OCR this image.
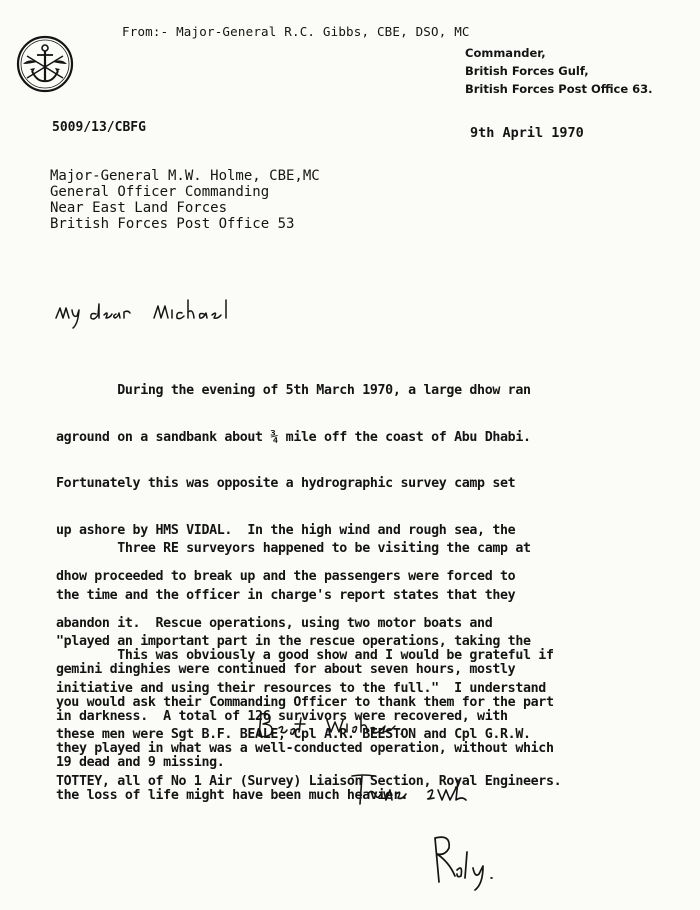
From:- Major-General R.C. Gibbs, CBE, DSO, MC
Commander,
British Forces Gulf,
British Forces Post Office 63.
5009/13/CBFG	9th April 1970
Major-General M.W. Holme, CBE,MC
General Officer Commanding
Near East Land Forces
British Forces Post Office 53

During the evening of 5th March 1970, a large dhow ran

aground on a sandbank about ¾ mile off the coast of Abu Dhabi.

Fortunately this was opposite a hydrographic survey camp set

up ashore by HMS VIDAL.  In the high wind and rough sea, the

dhow proceeded to break up and the passengers were forced to

abandon it.  Rescue operations, using two motor boats and

gemini dinghies were continued for about seven hours, mostly

in darkness.  A total of 126 survivors were recovered, with

19 dead and 9 missing.

Three RE surveyors happened to be visiting the camp at

the time and the officer in charge's report states that they

"played an important part in the rescue operations, taking the

initiative and using their resources to the full."  I understand

these men were Sgt B.F. BEALE, Cpl A.R. BEESTON and Cpl G.R.W.

TOTTEY, all of No 1 Air (Survey) Liaison Section, Royal Engineers.

This was obviously a good show and I would be grateful if

you would ask their Commanding Officer to thank them for the part

they played in what was a well-conducted operation, without which

the loss of life might have been much heavier.
